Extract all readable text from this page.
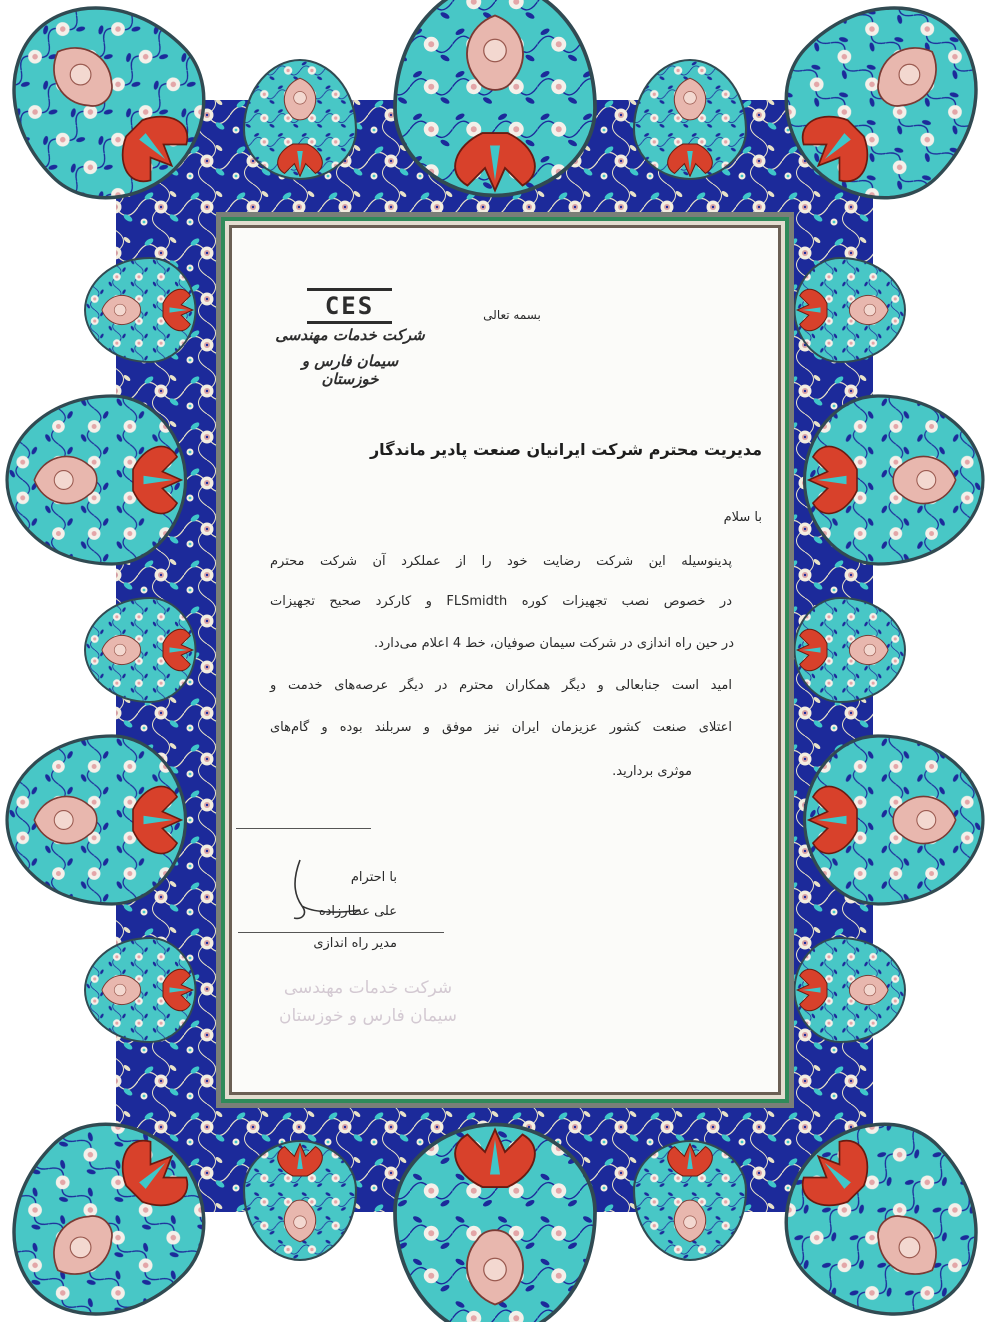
CES
شرکت خدمات مهندسی
سیمان فارس و خوزستان
بسمه تعالی
مدیریت محترم شرکت ایرانیان صنعت پادیر ماندگار
با سلام
پدینوسیله این شرکت رضایت خود را از عملکرد آن شرکت محترم
در خصوص نصب تجهیزات کوره FLSmidth و کارکرد صحیح تجهیزات
در حین راه اندازی در شرکت سیمان صوفیان، خط 4 اعلام می‌دارد.
امید است جنابعالی و دیگر همکاران محترم در دیگر عرصه‌های خدمت و
اعتلای صنعت کشور عزیزمان ایران نیز موفق و سربلند بوده و گام‌های
موثری بردارید.
با احترام
علی عطارزاده
مدیر راه اندازی
شرکت خدمات مهندسی
سیمان فارس و خوزستان
